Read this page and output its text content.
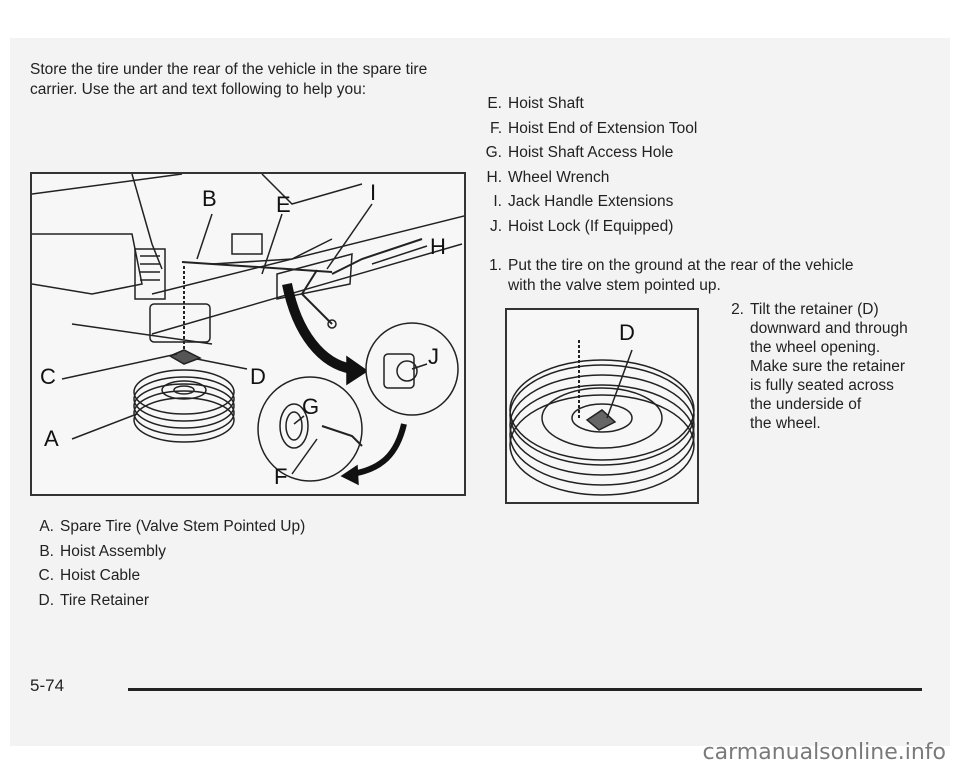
Store the tire under the rear of the vehicle in the spare tire carrier. Use the art and text following to help you:
B	E	I
H
C	D
A
G
F
J
D
A. Spare Tire (Valve Stem Pointed Up)
B. Hoist Assembly
C. Hoist Cable
D. Tire Retainer
E. Hoist Shaft
F. Hoist End of Extension Tool
G. Hoist Shaft Access Hole
H. Wheel Wrench
I. Jack Handle Extensions
J. Hoist Lock (If Equipped)
1. Put the tire on the ground at the rear of the vehicle
with the valve stem pointed up.
2. Tilt the retainer (D)
downward and through
the wheel opening.
Make sure the retainer
is fully seated across
the underside of
the wheel.
5-74
carmanualsonline.info
